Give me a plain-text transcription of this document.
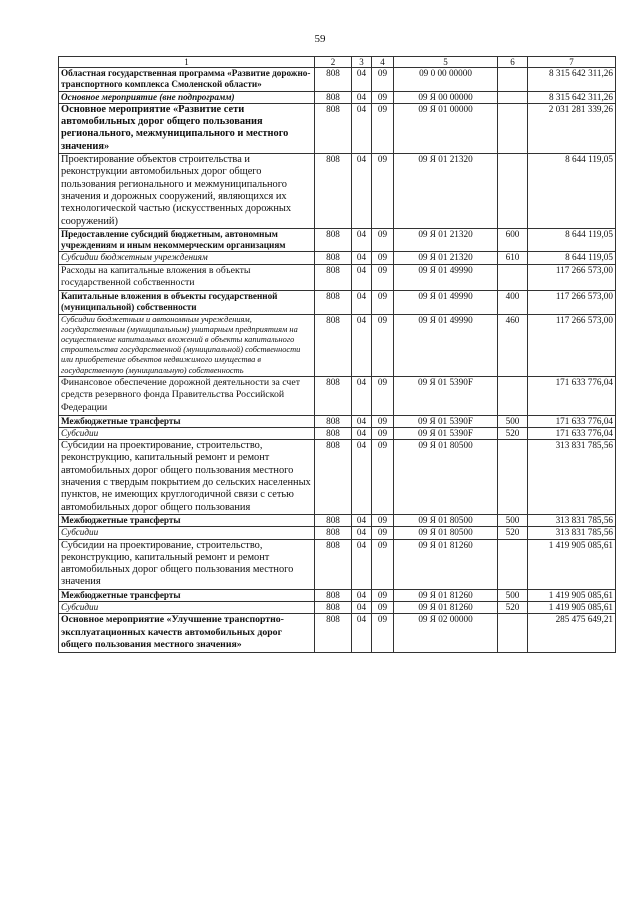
59
1	2	3	4	5	6	7
Областная государственная программа «Развитие дорожно-транспортного комплекса Смоленской области»	808	04	09	09 0 00 00000		8 315 642 311,26
Основное мероприятие (вне подпрограмм)	808	04	09	09 Я 00 00000		8 315 642 311,26
Основное мероприятие «Развитие сети автомобильных дорог общего пользования регионального, межмуниципального и местного значения»	808	04	09	09 Я 01 00000		2 031 281 339,26
Проектирование объектов строительства и реконструкции автомобильных дорог общего пользования регионального и межмуниципального значения и дорожных сооружений, являющихся их технологической частью (искусственных дорожных сооружений)	808	04	09	09 Я 01 21320		8 644 119,05
Предоставление субсидий бюджетным, автономным учреждениям и иным некоммерческим организациям	808	04	09	09 Я 01 21320	600	8 644 119,05
Субсидии бюджетным учреждениям	808	04	09	09 Я 01 21320	610	8 644 119,05
Расходы на капитальные вложения в объекты государственной собственности	808	04	09	09 Я 01 49990		117 266 573,00
Капитальные вложения в объекты государственной (муниципальной) собственности	808	04	09	09 Я 01 49990	400	117 266 573,00
Субсидии бюджетным и автономным учреждениям, государственным (муниципальным) унитарным предприятиям на осуществление капитальных вложений в объекты капитального строительства государственной (муниципальной) собственности или приобретение объектов недвижимого имущества в государственную (муниципальную) собственность	808	04	09	09 Я 01 49990	460	117 266 573,00
Финансовое обеспечение дорожной деятельности за счет средств резервного фонда Правительства Российской Федерации	808	04	09	09 Я 01 5390F		171 633 776,04
Межбюджетные трансферты	808	04	09	09 Я 01 5390F	500	171 633 776,04
Субсидии	808	04	09	09 Я 01 5390F	520	171 633 776,04
Субсидии на проектирование, строительство, реконструкцию, капитальный ремонт и ремонт автомобильных дорог общего пользования местного значения с твердым покрытием до сельских населенных пунктов, не имеющих круглогодичной связи с сетью автомобильных дорог общего пользования	808	04	09	09 Я 01 80500		313 831 785,56
Межбюджетные трансферты	808	04	09	09 Я 01 80500	500	313 831 785,56
Субсидии	808	04	09	09 Я 01 80500	520	313 831 785,56
Субсидии на проектирование, строительство, реконструкцию, капитальный ремонт и ремонт автомобильных дорог общего пользования местного значения	808	04	09	09 Я 01 81260		1 419 905 085,61
Межбюджетные трансферты	808	04	09	09 Я 01 81260	500	1 419 905 085,61
Субсидии	808	04	09	09 Я 01 81260	520	1 419 905 085,61
Основное мероприятие «Улучшение транспортно-эксплуатационных качеств автомобильных дорог общего пользования местного значения»	808	04	09	09 Я 02 00000		285 475 649,21
